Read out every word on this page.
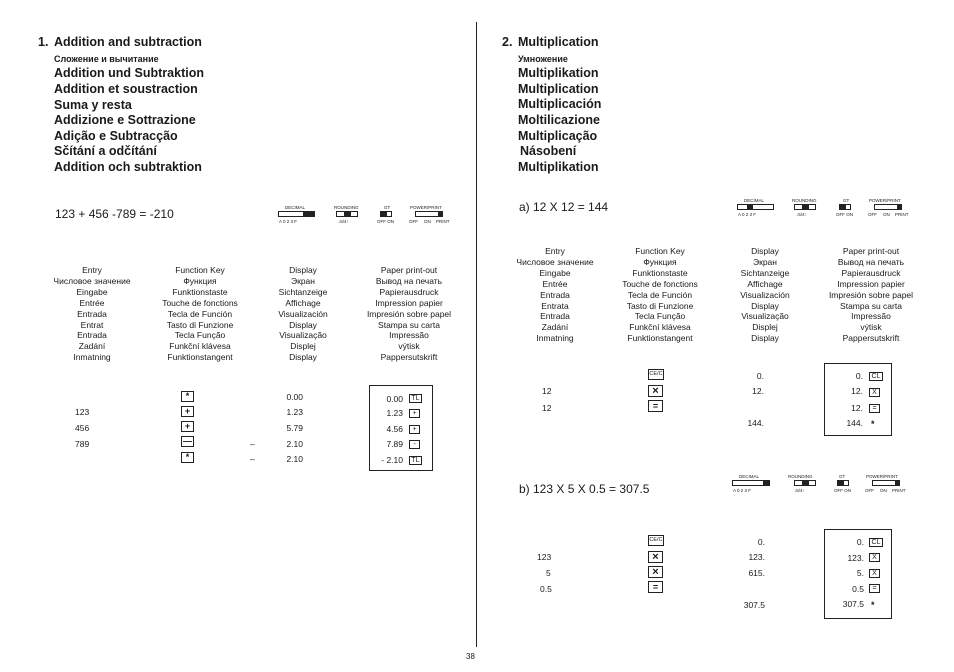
38
1. Addition and subtraction
Сложение и вычитание
Addition und Subtraktion
Addition et soustraction
Suma y resta
Addizione e Sottrazione
Adição e Subtracção
Sčítání a odčítání
Addition och subtraktion
123 + 456 -789 = -210	DECIMAL
A 0 2 3 F
ROUNDING
↓5/4↑
GT
OFF ON
POWER/PRINT
OFF ON PRINT
Entry
Числовое значение
Eingabe
Entrée
Entrada
Entrat
Entrada
Zadání
Inmatning
Function Key
Функция
Funktionstaste
Touche de fonctions
Tecla de Función
Tasto di Funzione
Tecla Função
Funkční klávesa
Funktionstangent
Display
Экран
Sichtanzeige
Affichage
Visualización
Display
Visualização
Displej
Display
Paper print-out
Вывод на печать
Papierausdruck
Impression papier
Impresión sobre papel
Stampa su carta
Impressão
výtisk
Pappersutskrift
123
456
789
*
+
+
—
*
–
–
0.00
1.23
5.79
2.10
2.10
0.00
1.23
4.56
7.89
- 2.10
TL
+
+
-
TL
2. Multiplication
Умножение
Multiplikation
Multiplication
Multiplicación
Moltilicazione
Multiplicação
Násobení
Multiplikation
a) 12 X 12 = 144	DECIMAL
A 0 2 3 F
ROUNDING
↓5/4↑
GT
OFF ON
POWER/PRINT
OFF ON PRINT
Entry
Числовое значение
Eingabe
Entrée
Entrada
Entrata
Entrada
Zadání
Inmatning
Function Key
Функция
Funktionstaste
Touche de fonctions
Tecla de Función
Tasto di Funzione
Tecla Função
Funkční klávesa
Funktionstangent
Display
Экран
Sichtanzeige
Affichage
Visualización
Display
Visualização
Displej
Display
Paper print-out
Вывод на печать
Papierausdruck
Impression papier
Impresión sobre papel
Stampa su carta
Impressão
výtisk
Pappersutskrift
12
12
CE/C
×
=
0.
12.
144.
0.
12.
12.
144.
CL
X
=
*
b) 123 X 5 X 0.5 = 307.5
DECIMAL
A 0 2 3 F
ROUNDING
↓5/4↑
GT
OFF ON
POWER/PRINT
OFF ON PRINT
123
5
0.5
CE/C
×
×
=
0.
123.
615.
307.5
0.
123.
5.
0.5
307.5
CL
X
X
=
*
